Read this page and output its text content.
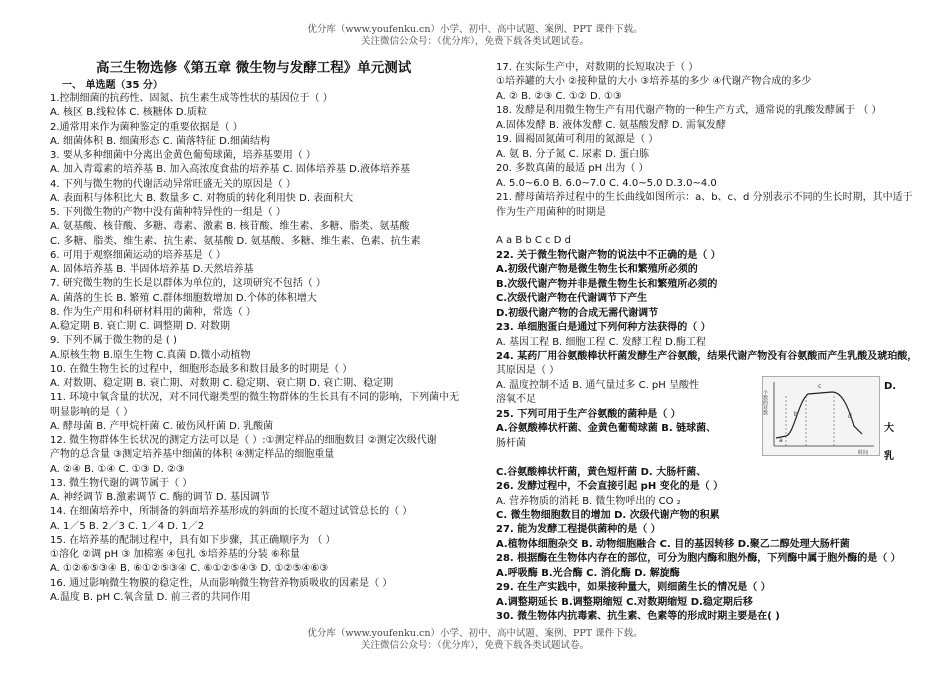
优分库（www.youfenku.cn）小学、初中、高中试题、案例、PPT 课件下载。
关注微信公众号：（优分库），免费下载各类试题试卷。
高三生物选修《第五章 微生物与发酵工程》单元测试
一、 单选题（35 分）
1.控制细菌的抗药性、固氮、抗生素生成等性状的基因位于（ ）
A. 核区 B.线粒体 C. 核糖体 D.质粒
2.通常用来作为菌种鉴定的重要依据是（ ）
A. 细菌体积 B. 细菌形态 C. 菌落特征 D.细菌结构
3. 要从多种细菌中分离出金黄色葡萄球菌，培养基要用（ ）
A. 加入青霉素的培养基 B. 加入高浓度食盐的培养基 C. 固体培养基 D.液体培养基
4. 下列与微生物的代谢活动异常旺盛无关的原因是（ ）
A. 表面积与体积比大 B. 数量多 C. 对物质的转化利用快 D. 表面积大
5. 下列微生物的产物中没有菌种特异性的一组是（ ）
A. 氨基酸、核苷酸、多糖、毒素、激素 B. 核苷酸、维生素、多糖、脂类、氨基酸
C. 多糖、脂类、维生素、抗生素、氨基酸 D. 氨基酸、多糖、维生素、色素、抗生素
6. 可用于观察细菌运动的培养基是（ ）
A. 固体培养基 B. 半固体培养基 D.天然培养基
7. 研究微生物的生长是以群体为单位的，这项研究不包括（ ）
A. 菌落的生长 B. 繁殖 C.群体细胞数增加 D.个体的体积增大
8. 作为生产用和科研材料用的菌种，常选（ ）
A.稳定期 B. 衰亡期 C. 调整期 D. 对数期
9. 下列不属于微生物的是 ( )
A.原核生物 B.原生生物 C.真菌 D.微小动植物
10. 在微生物生长的过程中，细胞形态最多和数目最多的时期是（ ）
A. 对数期、稳定期 B. 衰亡期、对数期 C. 稳定期、衰亡期 D. 衰亡期、稳定期
11. 环境中氧含量的状况，对不同代谢类型的微生物群体的生长具有不同的影响，下列菌中无
明显影响的是（ ）
A. 酵母菌 B. 产甲烷杆菌 C. 破伤风杆菌 D. 乳酸菌
12. 微生物群体生长状况的测定方法可以是（ ）:①测定样品的细胞数目 ②测定次级代谢
产物的总含量 ③测定培养基中细菌的体积 ④测定样品的细胞重量
A. ②④ B. ①④ C. ①③ D. ②③
13. 微生物代谢的调节属于（ ）
A. 神经调节 B.激素调节 C. 酶的调节 D. 基因调节
14. 在细菌培养中，所制备的斜面培养基形成的斜面的长度不超过试管总长的（ ）
A. 1／5 B. 2／3 C. 1／4 D. 1／2
15. 在培养基的配制过程中，具有如下步骤，其正确顺序为 （ ）
①溶化 ②调 pH ③ 加棉塞 ④包扎 ⑤培养基的分装 ⑥称量
A. ①②⑥⑤③④ B. ⑥①②⑤③④ C. ⑥①②⑤④③ D. ①②⑤④⑥③
16. 通过影响微生物膜的稳定性，从而影响微生物营养物质吸收的因素是（ ）
A.温度 B. pH C.氧含量 D. 前三者的共同作用
17. 在实际生产中，对数期的长短取决于（ ）
①培养罐的大小 ②接种量的大小 ③培养基的多少 ④代谢产物合成的多少
A. ② B. ②③ C. ①② D. ①③
18. 发酵是利用微生物生产有用代谢产物的一种生产方式，通常说的乳酸发酵属于 （ ）
A.固体发酵 B. 液体发酵 C. 氨基酸发酵 D. 需氧发酵
19. 圆褐固氮菌可利用的氮源是（ ）
A. 氨 B. 分子氮 C. 尿素 D. 蛋白胨
20. 多数真菌的最适 pH 出为（ ）
A. 5.0~6.0 B. 6.0~7.0 C. 4.0~5.0 D.3.0~4.0
21. 酵母菌培养过程中的生长曲线如图所示：a、b、c、d 分别表示不同的生长时期，其中适于
作为生产用菌种的时期是
A a B b C c D d
22. 关于微生物代谢产物的说法中不正确的是（ ）
A.初级代谢产物是微生物生长和繁殖所必须的
B.次级代谢产物并非是微生物生长和繁殖所必须的
C.次级代谢产物在代谢调节下产生
D.初级代谢产物的合成无需代谢调节
23. 单细胞蛋白是通过下列何种方法获得的（ ）
A. 基因工程 B. 细胞工程 C. 发酵工程 D.酶工程
24. 某药厂用谷氨酸棒状杆菌发酵生产谷氨酸，结果代谢产物没有谷氨酸而产生乳酸及琥珀酸，
其原因是（ ）
A. 温度控制不适 B. 通气量过多 C. pH 呈酸性
溶氧不足
25. 下列可用于生产谷氨酸的菌种是（ ）
A.谷氨酸棒状杆菌、金黄色葡萄球菌 B. 链球菌、
肠杆菌
C.谷氨酸棒状杆菌，黄色短杆菌 D. 大肠杆菌、
26. 发酵过程中，不会直接引起 pH 变化的是（ ）
A. 营养物质的消耗 B. 微生物呼出的 CO ₂
C. 微生物细胞数目的增加 D. 次级代谢产物的积累
27. 能为发酵工程提供菌种的是（ ）
A.植物体细胞杂交 B. 动物细胞融合 C. 目的基因转移 D.聚乙二醇处理大肠杆菌
28. 根据酶在生物体内存在的部位，可分为胞内酶和胞外酶，下列酶中属于胞外酶的是（ ）
A.呼吸酶 B.光合酶 C. 消化酶 D. 解旋酶
29. 在生产实践中，如果接种量大，则细菌生长的情况是（ ）
A.调整期延长 B.调整期缩短 C.对数期缩短 D.稳定期后移
30. 微生物体内抗毒素、抗生素、色素等的形成时期主要是在( )
D.
大
乳
个数的对数
a
b
c
d
时间
优分库（www.youfenku.cn）小学、初中、高中试题、案例、PPT 课件下载。
关注微信公众号：（优分库），免费下载各类试题试卷。
